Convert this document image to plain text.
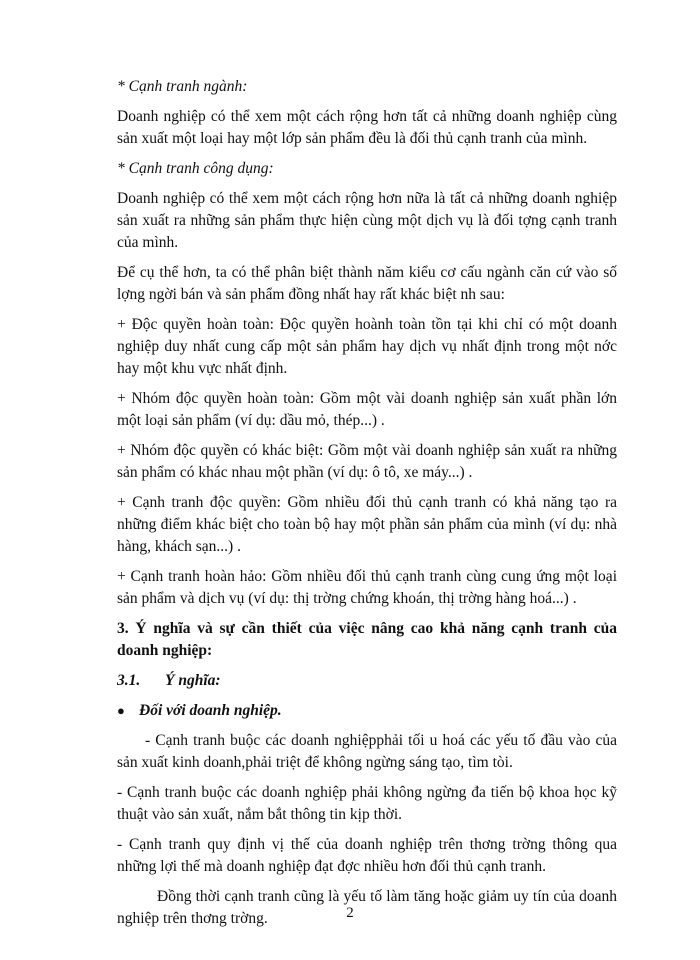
* Cạnh tranh ngành:

Doanh nghiệp có thể xem một cách rộng hơn tất cả những doanh nghiệp cùng sản xuất một loại hay một lớp sản phẩm đều là đối thủ cạnh tranh của mình.

* Cạnh tranh công dụng:

Doanh nghiệp có thể xem một cách rộng hơn nữa là tất cả những doanh nghiệp sản xuất ra những sản phẩm thực hiện cùng một dịch vụ là đối tợng cạnh tranh của mình.

Để cụ thể hơn, ta có thể phân biệt thành năm kiểu cơ cấu ngành căn cứ vào số lợng ngời bán và sản phẩm đồng nhất hay rất khác biệt nh sau:

+ Độc quyền hoàn toàn: Độc quyền hoành toàn tồn tại khi chỉ có một doanh nghiệp duy nhất cung cấp một sản phẩm hay dịch vụ nhất định trong một nớc hay một khu vực nhất định.

+ Nhóm độc quyền hoàn toàn: Gồm một vài doanh nghiệp sản xuất phần lớn một loại sản phẩm (ví dụ: dầu mỏ, thép...) .

+ Nhóm độc quyền có khác biệt: Gồm một vài doanh nghiệp sản xuất ra những sản phẩm có khác nhau một phần (ví dụ: ô tô, xe máy...) .

+ Cạnh tranh độc quyền: Gồm nhiều đối thủ cạnh tranh có khả năng tạo ra những điểm khác biệt cho toàn bộ hay một phần sản phẩm của mình (ví dụ: nhà hàng, khách sạn...) .

+ Cạnh tranh hoàn hảo: Gồm nhiều đối thủ cạnh tranh cùng cung ứng một loại sản phẩm và dịch vụ (ví dụ: thị trờng chứng khoán, thị trờng hàng hoá...) .

3. Ý nghĩa và sự cần thiết của việc nâng cao khả năng cạnh tranh của doanh nghiệp:

3.1. Ý nghĩa:

● Đối với doanh nghiệp.

- Cạnh tranh buộc các doanh nghiệpphải tối u hoá các yếu tố đầu vào của sản xuất kinh doanh,phải triệt để không ngừng sáng tạo, tìm tòi.

- Cạnh tranh buộc các doanh nghiệp phải không ngừng đa tiến bộ khoa học kỹ thuật vào sản xuất, nắm bắt thông tin kịp thời.

- Cạnh tranh quy định vị thế của doanh nghiệp trên thơng trờng thông qua những lợi thế mà doanh nghiệp đạt đợc nhiều hơn đối thủ cạnh tranh.

Đồng thời cạnh tranh cũng là yếu tố làm tăng hoặc giảm uy tín của doanh nghiệp trên thơng trờng.	2
